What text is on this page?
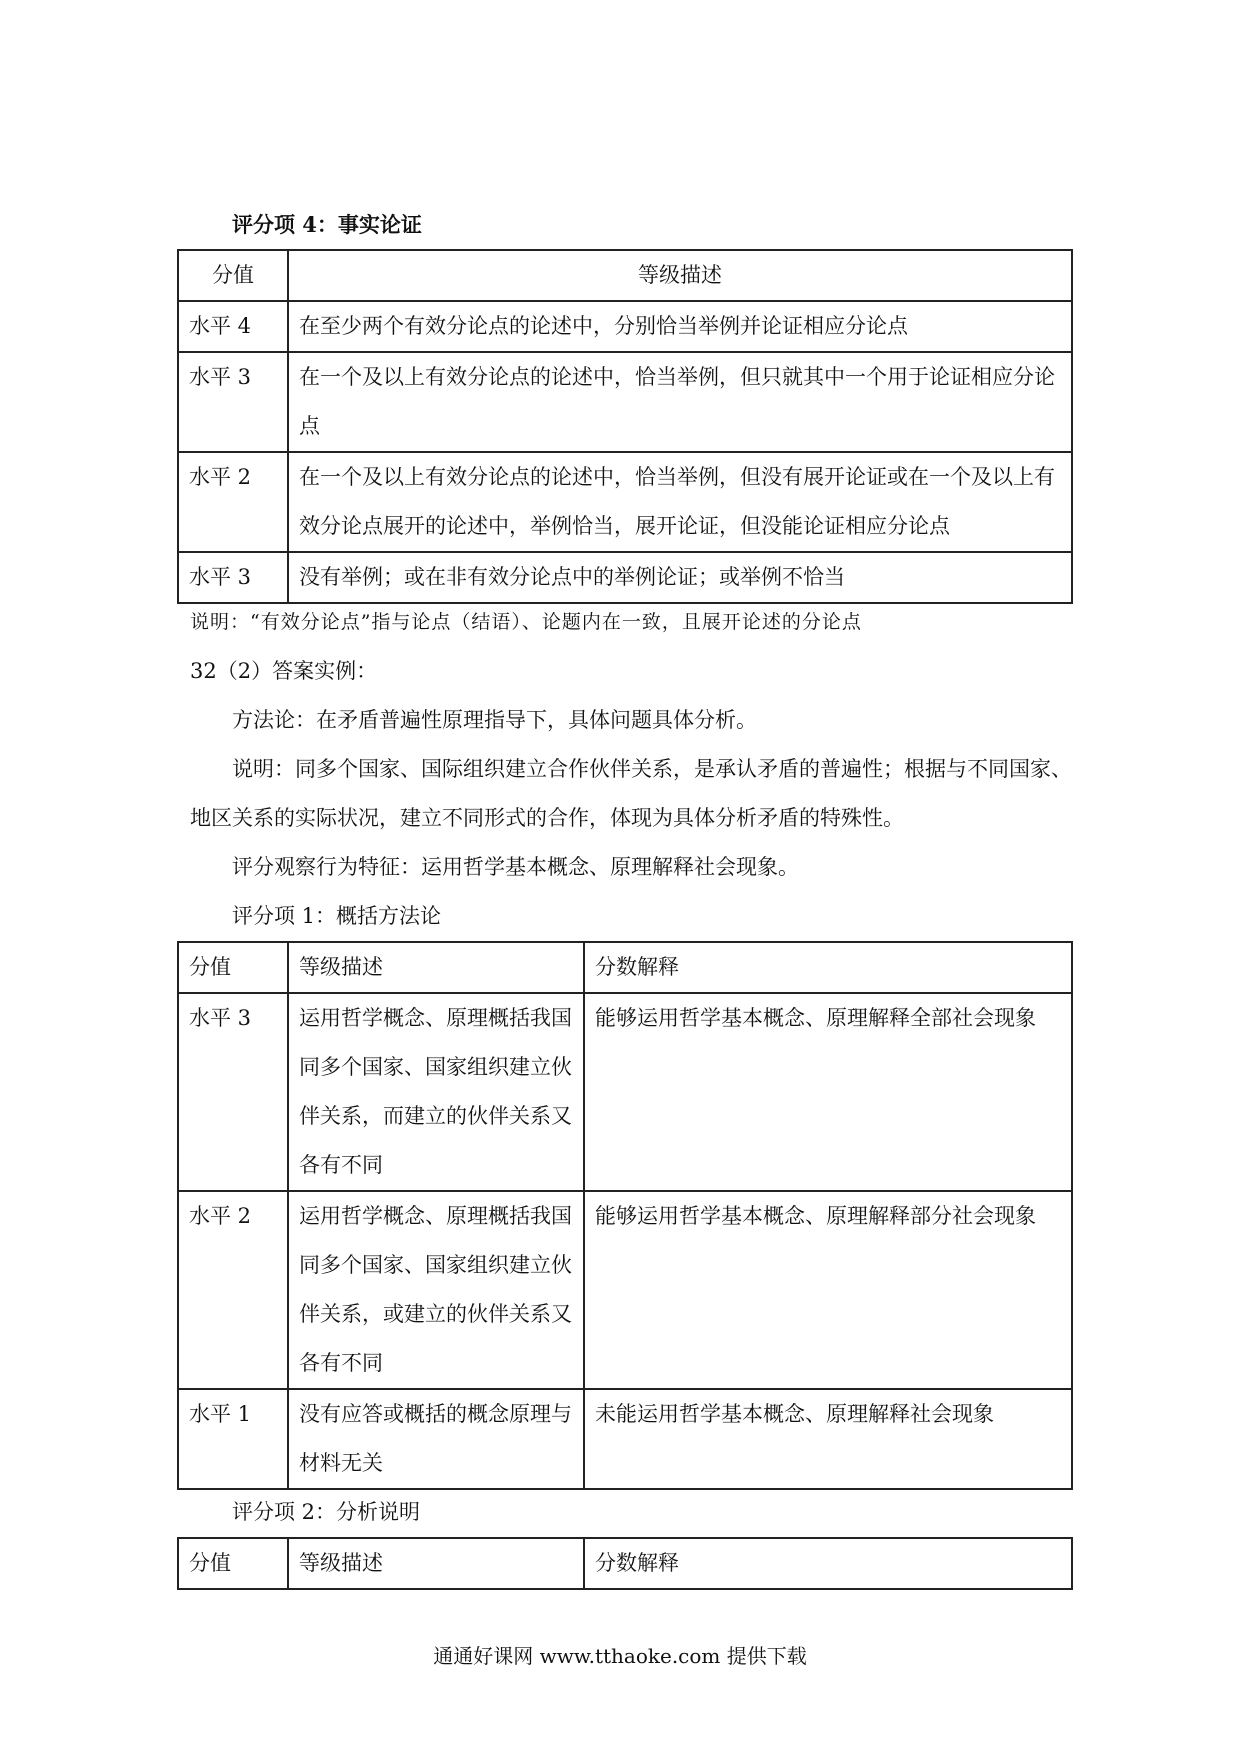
评分项 4：事实论证
分值	等级描述
水平 4	在至少两个有效分论点的论述中，分别恰当举例并论证相应分论点
水平 3	在一个及以上有效分论点的论述中，恰当举例，但只就其中一个用于论证相应分论点
水平 2	在一个及以上有效分论点的论述中，恰当举例，但没有展开论证或在一个及以上有效分论点展开的论述中，举例恰当，展开论证，但没能论证相应分论点
水平 3	没有举例；或在非有效分论点中的举例论证；或举例不恰当
说明：“有效分论点”指与论点（结语）、论题内在一致，且展开论述的分论点
32（2）答案实例：
方法论：在矛盾普遍性原理指导下，具体问题具体分析。
说明：同多个国家、国际组织建立合作伙伴关系，是承认矛盾的普遍性；根据与不同国家、地区关系的实际状况，建立不同形式的合作，体现为具体分析矛盾的特殊性。
评分观察行为特征：运用哲学基本概念、原理解释社会现象。
评分项 1：概括方法论
分值	等级描述	分数解释
水平 3	运用哲学概念、原理概括我国同多个国家、国家组织建立伙伴关系，而建立的伙伴关系又各有不同	能够运用哲学基本概念、原理解释全部社会现象
水平 2	运用哲学概念、原理概括我国同多个国家、国家组织建立伙伴关系，或建立的伙伴关系又各有不同	能够运用哲学基本概念、原理解释部分社会现象
水平 1	没有应答或概括的概念原理与材料无关	未能运用哲学基本概念、原理解释社会现象
评分项 2：分析说明
分值	等级描述	分数解释
通通好课网 www.tthaoke.com 提供下载
